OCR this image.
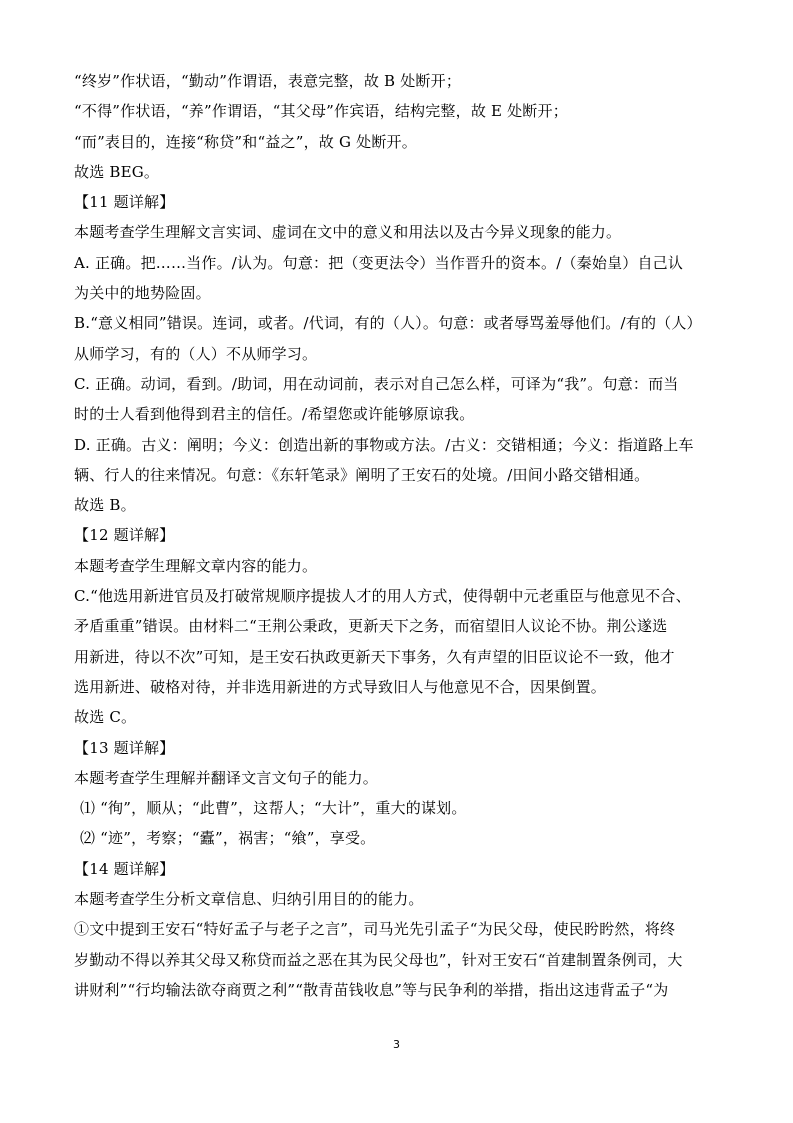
“终岁”作状语，“勤动”作谓语，表意完整，故 B 处断开；
“不得”作状语，“养”作谓语，“其父母”作宾语，结构完整，故 E 处断开；
“而”表目的，连接“称贷”和“益之”，故 G 处断开。
故选 BEG。
【11 题详解】
本题考查学生理解文言实词、虚词在文中的意义和用法以及古今异义现象的能力。
A. 正确。把……当作。/认为。句意：把（变更法令）当作晋升的资本。/（秦始皇）自己认
为关中的地势险固。
B.“意义相同”错误。连词，或者。/代词，有的（人）。句意：或者辱骂羞辱他们。/有的（人）
从师学习，有的（人）不从师学习。
C. 正确。动词，看到。/助词，用在动词前，表示对自己怎么样，可译为“我”。句意：而当
时的士人看到他得到君主的信任。/希望您或许能够原谅我。
D. 正确。古义：阐明；今义：创造出新的事物或方法。/古义：交错相通；今义：指道路上车
辆、行人的往来情况。句意：《东轩笔录》阐明了王安石的处境。/田间小路交错相通。
故选 B。
【12 题详解】
本题考查学生理解文章内容的能力。
C.“他选用新进官员及打破常规顺序提拔人才的用人方式，使得朝中元老重臣与他意见不合、
矛盾重重”错误。由材料二“王荆公秉政，更新天下之务，而宿望旧人议论不协。荆公遂选
用新进，待以不次”可知，是王安石执政更新天下事务，久有声望的旧臣议论不一致，他才
选用新进、破格对待，并非选用新进的方式导致旧人与他意见不合，因果倒置。
故选 C。
【13 题详解】
本题考查学生理解并翻译文言文句子的能力。
⑴ “徇”，顺从；“此曹”，这帮人；“大计”，重大的谋划。
⑵ “迹”，考察；“蠹”，祸害；“飨”，享受。
【14 题详解】
本题考查学生分析文章信息、归纳引用目的的能力。
①文中提到王安石“特好孟子与老子之言”，司马光先引孟子“为民父母，使民盻盻然，将终
岁勤动不得以养其父母又称贷而益之恶在其为民父母也”，针对王安石“首建制置条例司，大
讲财利”“行均输法欲夺商贾之利”“散青苗钱收息”等与民争利的举措，指出这违背孟子“为
3
